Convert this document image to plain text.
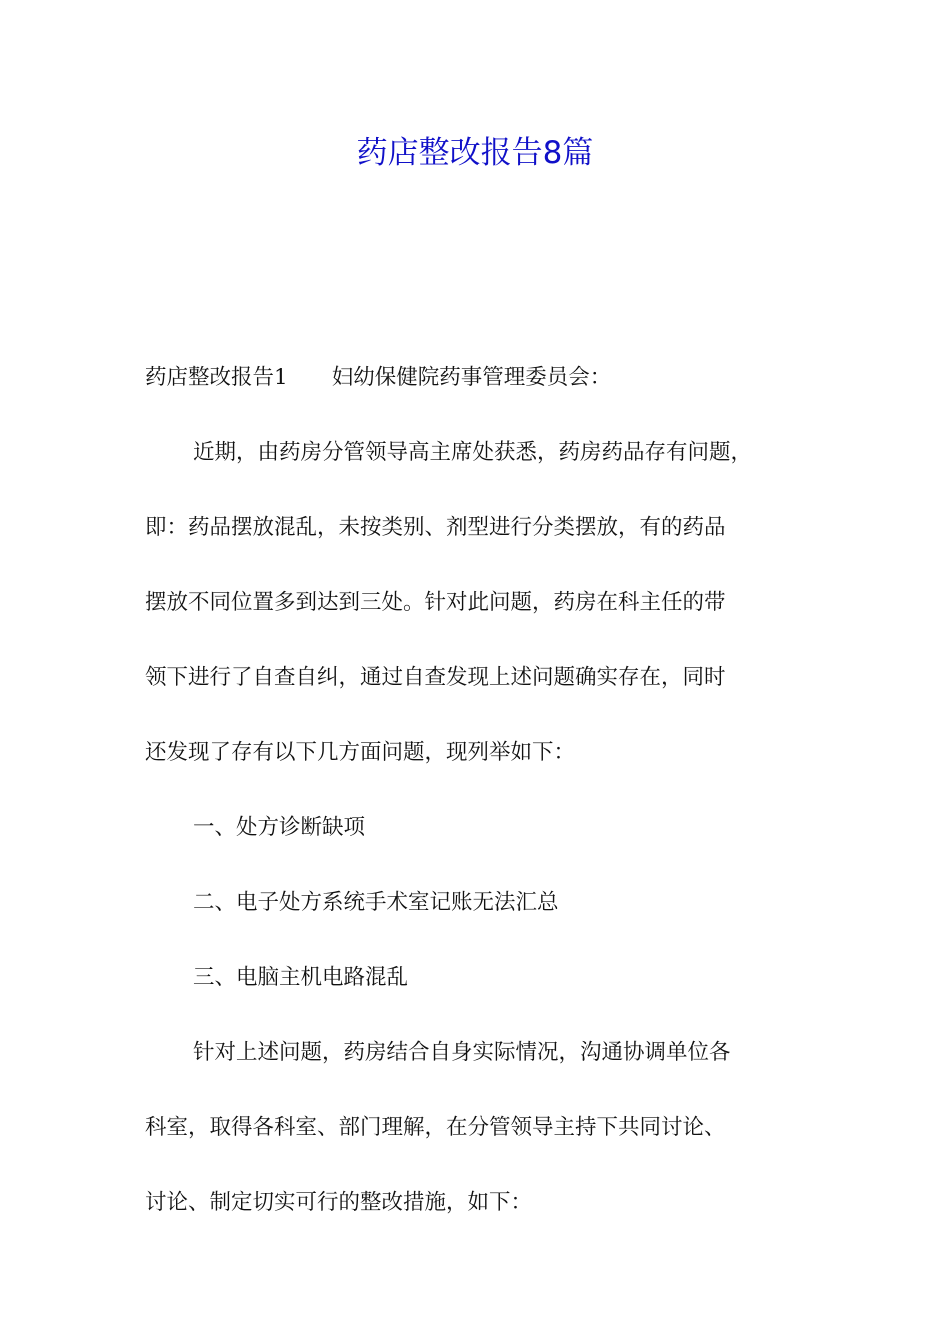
药店整改报告8篇
药店整改报告1 妇幼保健院药事管理委员会：
近期，由药房分管领导高主席处获悉，药房药品存有问题，
即：药品摆放混乱，未按类别、剂型进行分类摆放，有的药品
摆放不同位置多到达到三处。针对此问题，药房在科主任的带
领下进行了自查自纠，通过自查发现上述问题确实存在，同时
还发现了存有以下几方面问题，现列举如下：
一、处方诊断缺项
二、电子处方系统手术室记账无法汇总
三、电脑主机电路混乱
针对上述问题，药房结合自身实际情况，沟通协调单位各
科室，取得各科室、部门理解，在分管领导主持下共同讨论、
讨论、制定切实可行的整改措施，如下：
